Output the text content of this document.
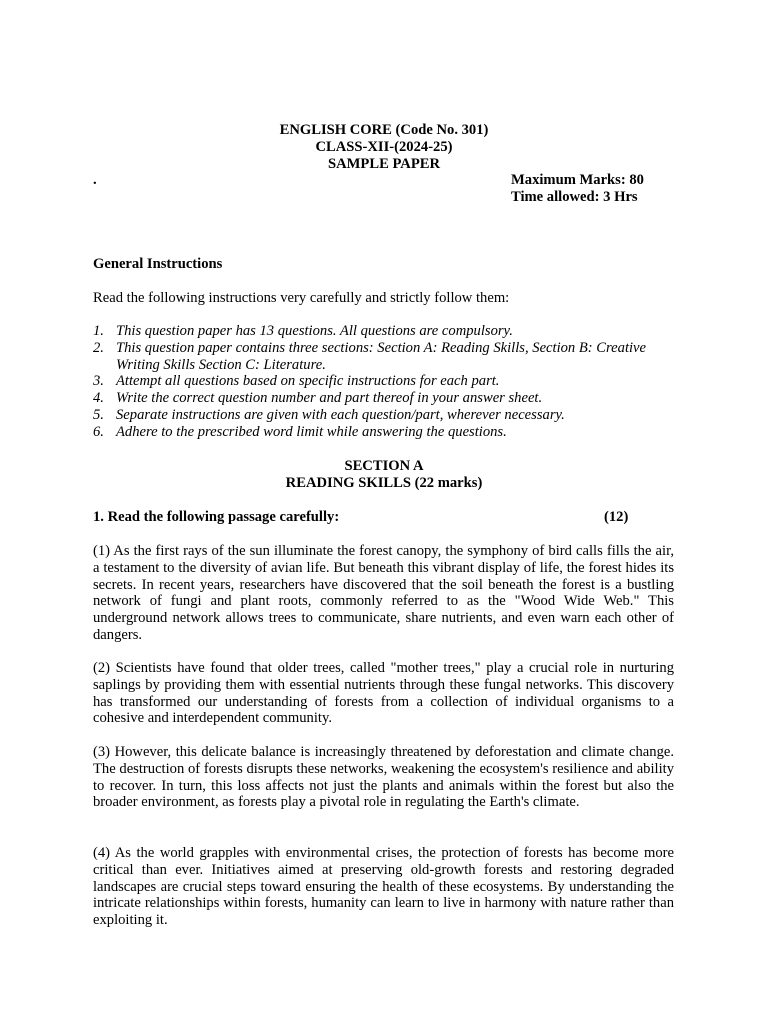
ENGLISH CORE (Code No. 301)
CLASS-XII-(2024-25)
SAMPLE PAPER
.	Maximum Marks: 80
Time allowed: 3 Hrs
General Instructions
Read the following instructions very carefully and strictly follow them:
1. This question paper has 13 questions. All questions are compulsory.
2. This question paper contains three sections: Section A: Reading Skills, Section B: Creative Writing Skills Section C: Literature.
3. Attempt all questions based on specific instructions for each part.
4. Write the correct question number and part thereof in your answer sheet.
5. Separate instructions are given with each question/part, wherever necessary.
6. Adhere to the prescribed word limit while answering the questions.
SECTION A
READING SKILLS (22 marks)
1. Read the following passage carefully:	(12)
(1) As the first rays of the sun illuminate the forest canopy, the symphony of bird calls fills the air, a testament to the diversity of avian life. But beneath this vibrant display of life, the forest hides its secrets. In recent years, researchers have discovered that the soil beneath the forest is a bustling network of fungi and plant roots, commonly referred to as the "Wood Wide Web." This underground network allows trees to communicate, share nutrients, and even warn each other of dangers.
(2) Scientists have found that older trees, called "mother trees," play a crucial role in nurturing saplings by providing them with essential nutrients through these fungal networks. This discovery has transformed our understanding of forests from a collection of individual organisms to a cohesive and interdependent community.
(3) However, this delicate balance is increasingly threatened by deforestation and climate change. The destruction of forests disrupts these networks, weakening the ecosystem's resilience and ability to recover. In turn, this loss affects not just the plants and animals within the forest but also the broader environment, as forests play a pivotal role in regulating the Earth's climate.
(4) As the world grapples with environmental crises, the protection of forests has become more critical than ever. Initiatives aimed at preserving old-growth forests and restoring degraded landscapes are crucial steps toward ensuring the health of these ecosystems. By understanding the intricate relationships within forests, humanity can learn to live in harmony with nature rather than exploiting it.
